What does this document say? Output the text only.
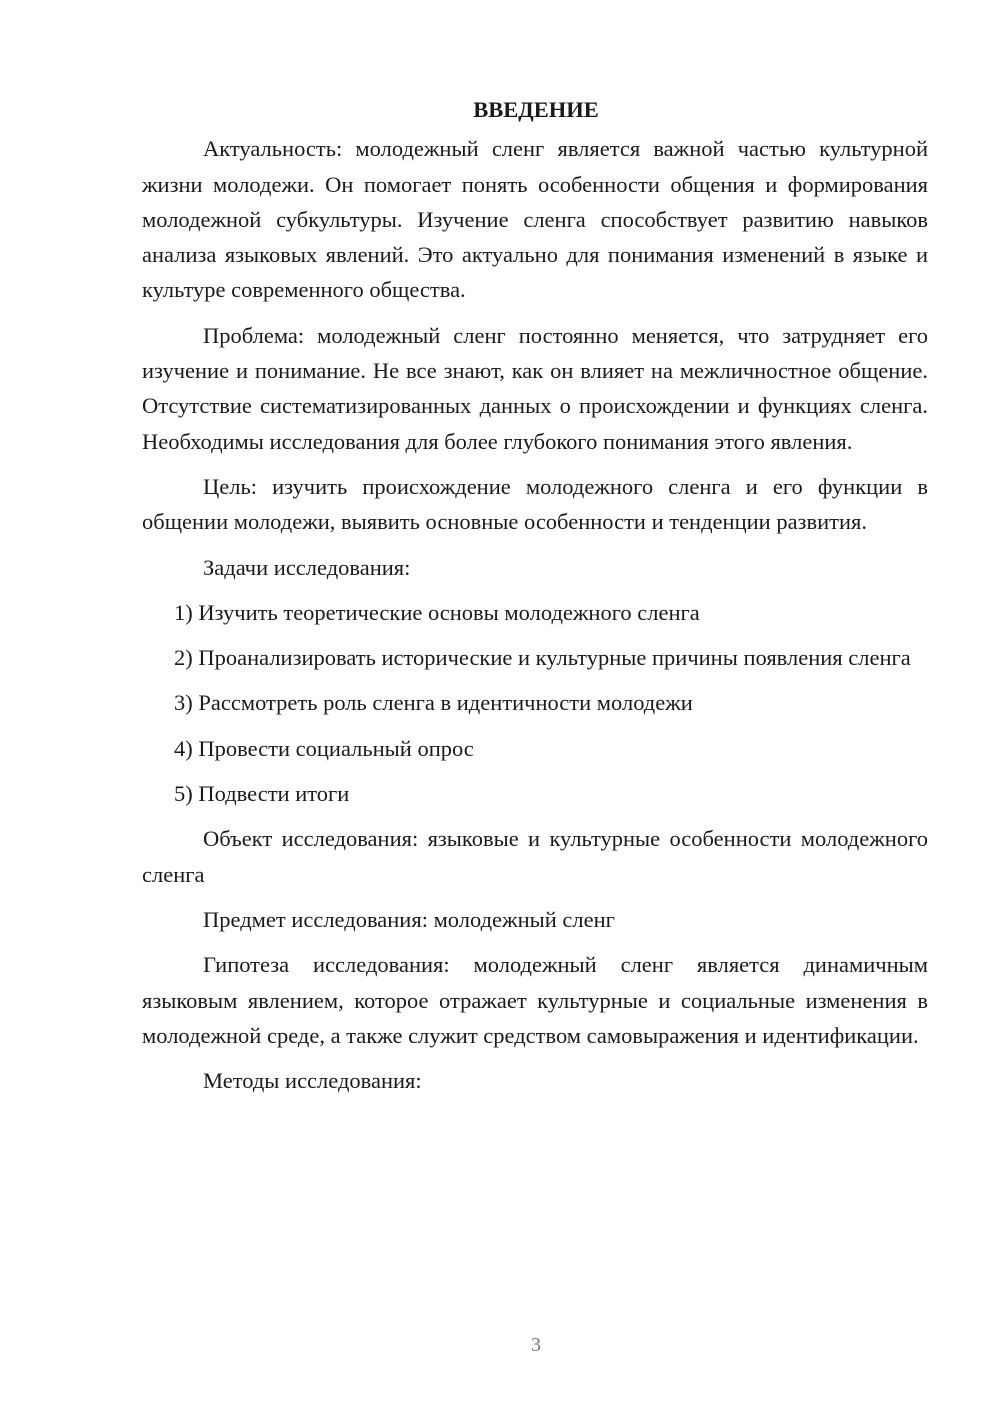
ВВЕДЕНИЕ

Актуальность: молодежный сленг является важной частью культурной жизни молодежи. Он помогает понять особенности общения и формирования молодежной субкультуры. Изучение сленга способствует развитию навыков анализа языковых явлений. Это актуально для понимания изменений в языке и культуре современного общества.

Проблема: молодежный сленг постоянно меняется, что затрудняет его изучение и понимание. Не все знают, как он влияет на межличностное общение. Отсутствие систематизированных данных о происхождении и функциях сленга. Необходимы исследования для более глубокого понимания этого явления.

Цель: изучить происхождение молодежного сленга и его функции в общении молодежи, выявить основные особенности и тенденции развития.

Задачи исследования:

1) Изучить теоретические основы молодежного сленга

2) Проанализировать исторические и культурные причины появления сленга

3) Рассмотреть роль сленга в идентичности молодежи

4) Провести социальный опрос

5) Подвести итоги

Объект исследования: языковые и культурные особенности молодежного сленга

Предмет исследования: молодежный сленг

Гипотеза исследования: молодежный сленг является динамичным языковым явлением, которое отражает культурные и социальные изменения в молодежной среде, а также служит средством самовыражения и идентификации.

Методы исследования:

3
